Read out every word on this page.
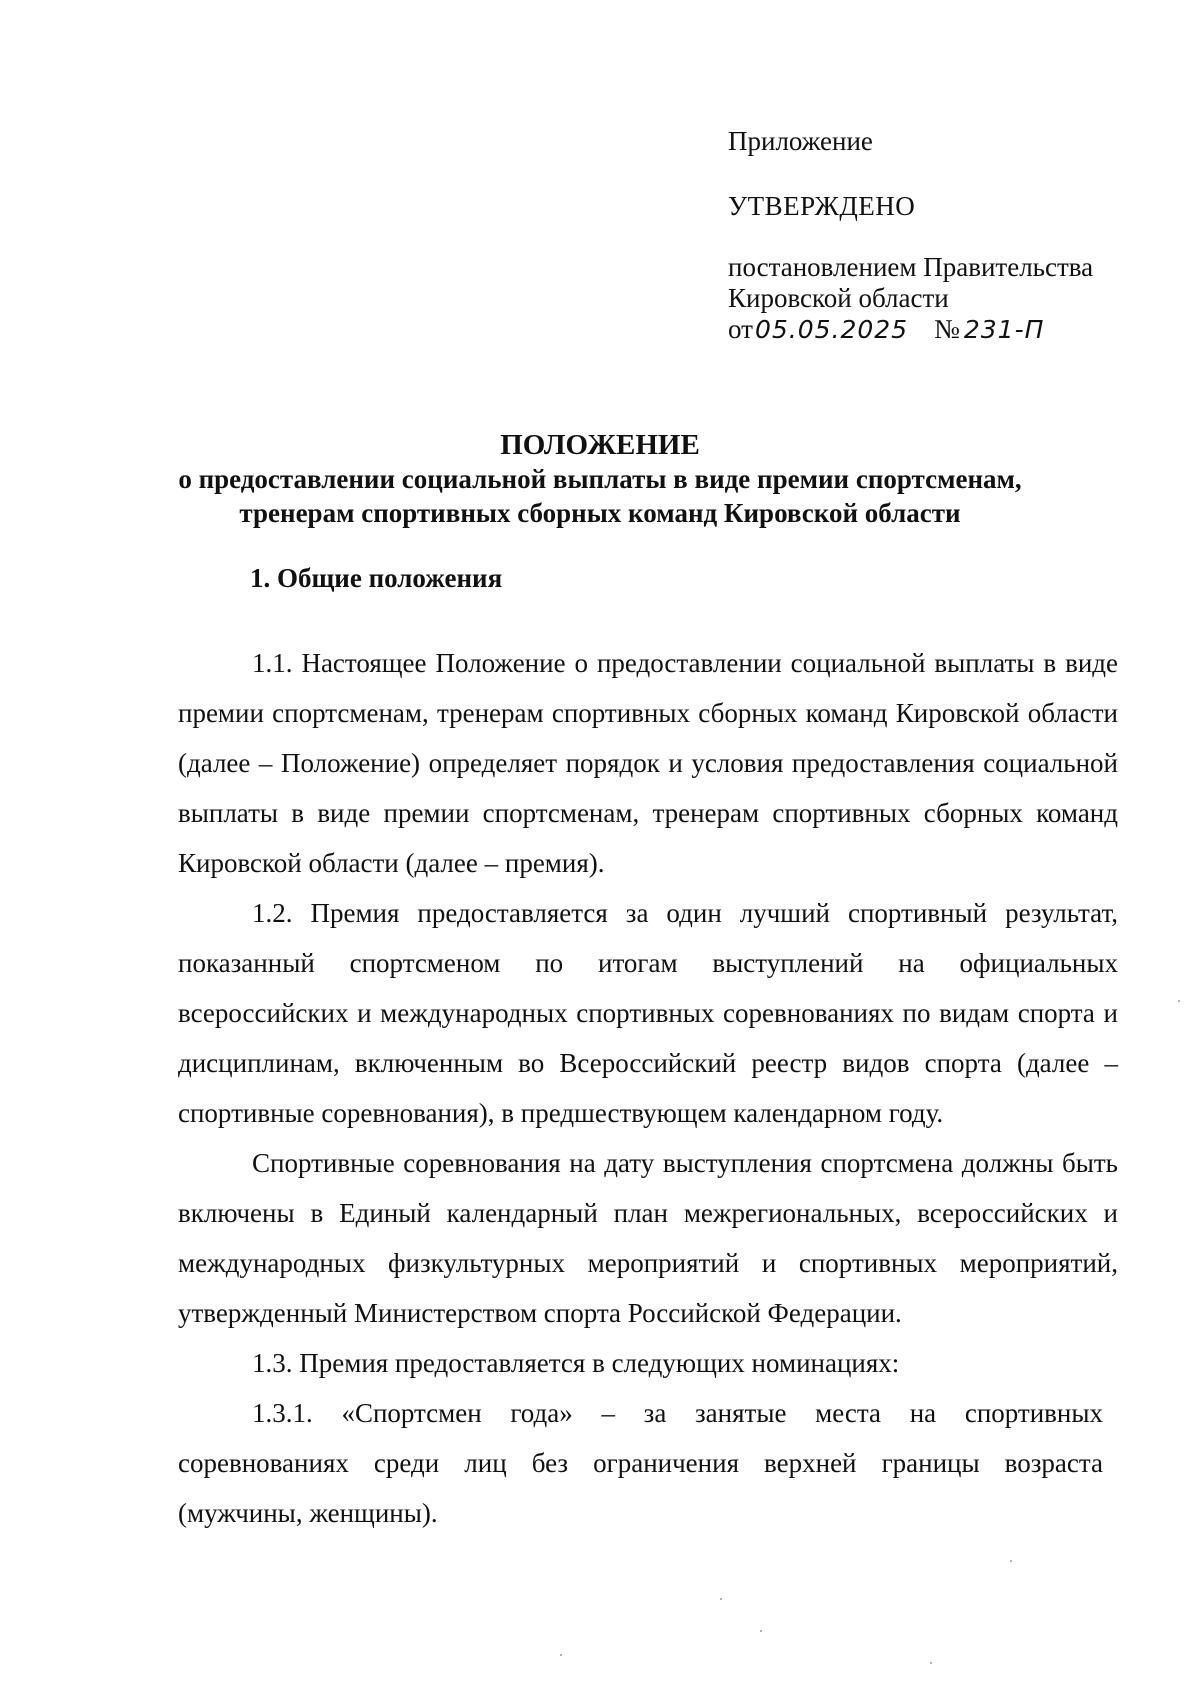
Приложение
УТВЕРЖДЕНО
постановлением Правительства
Кировской области
от05.05.2025 № 231-П
ПОЛОЖЕНИЕ
о предоставлении социальной выплаты в виде премии спортсменам, тренерам спортивных сборных команд Кировской области
1. Общие положения

1.1. Настоящее Положение о предоставлении социальной выплаты в виде премии спортсменам, тренерам спортивных сборных команд Кировской области (далее – Положение) определяет порядок и условия предоставления социальной выплаты в виде премии спортсменам, тренерам спортивных сборных команд Кировской области (далее – премия).

1.2. Премия предоставляется за один лучший спортивный результат, показанный спортсменом по итогам выступлений на официальных всероссийских и международных спортивных соревнованиях по видам спорта и дисциплинам, включенным во Всероссийский реестр видов спорта (далее – спортивные соревнования), в предшествующем календарном году.

Спортивные соревнования на дату выступления спортсмена должны быть включены в Единый календарный план межрегиональных, всероссийских и международных физкультурных мероприятий и спортивных мероприятий, утвержденный Министерством спорта Российской Федерации.

1.3. Премия предоставляется в следующих номинациях:

1.3.1. «Спортсмен года» – за занятые места на спортивных соревнованиях среди лиц без ограничения верхней границы возраста (мужчины, женщины).
